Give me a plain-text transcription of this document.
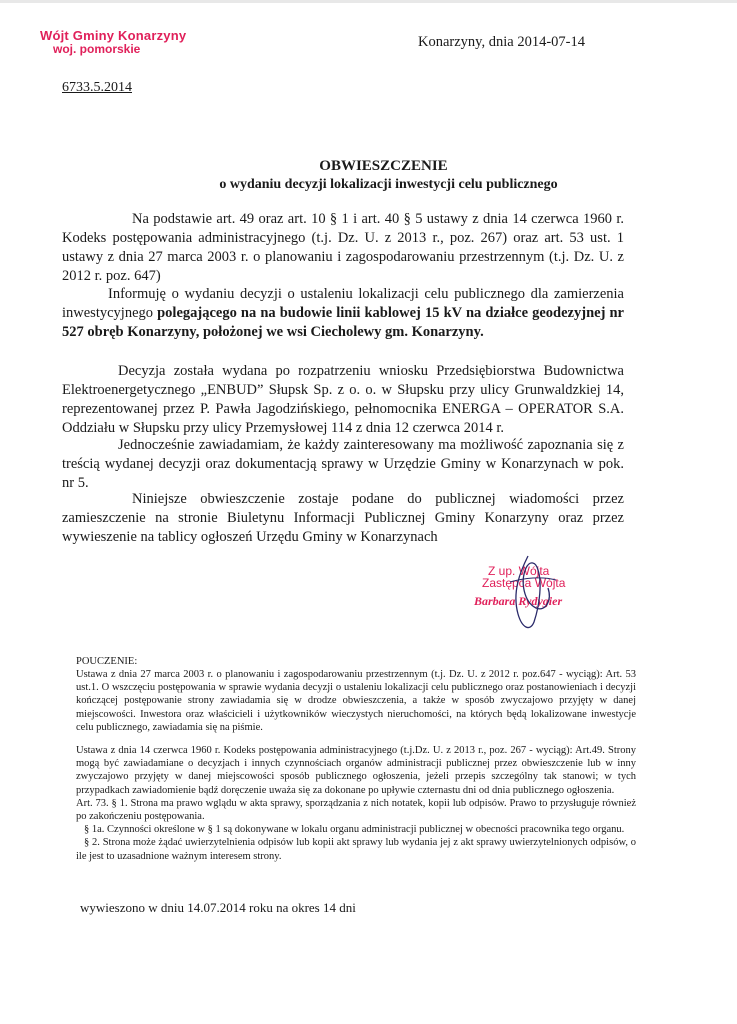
Wójt Gminy Konarzyny
woj. pomorskie	Konarzyny, dnia 2014-07-14
6733.5.2014
OBWIESZCZENIE
o wydaniu decyzji lokalizacji inwestycji celu publicznego
Na podstawie art. 49 oraz art. 10 § 1 i art. 40 § 5 ustawy z dnia 14 czerwca 1960 r. Kodeks postępowania administracyjnego (t.j. Dz. U. z 2013 r., poz. 267) oraz art. 53 ust. 1 ustawy z dnia 27 marca 2003 r. o planowaniu i zagospodarowaniu przestrzennym (t.j. Dz. U. z 2012 r. poz. 647)
Informuję o wydaniu decyzji o ustaleniu lokalizacji celu publicznego dla zamierzenia inwestycyjnego polegającego na na budowie linii kablowej 15 kV na działce geodezyjnej nr 527 obręb Konarzyny, położonej we wsi Ciecholewy gm. Konarzyny.
Decyzja została wydana po rozpatrzeniu wniosku Przedsiębiorstwa Budownictwa Elektroenergetycznego „ENBUD” Słupsk Sp. z o. o. w Słupsku przy ulicy Grunwaldzkiej 14, reprezentowanej przez P. Pawła Jagodzińskiego, pełnomocnika ENERGA – OPERATOR S.A. Oddziału w Słupsku przy ulicy Przemysłowej 114 z dnia 12 czerwca 2014 r.
Jednocześnie zawiadamiam, że każdy zainteresowany ma możliwość zapoznania się z treścią wydanej decyzji oraz dokumentacją sprawy w Urzędzie Gminy w Konarzynach w pok. nr 5.
Niniejsze obwieszczenie zostaje podane do publicznej wiadomości przez zamieszczenie na stronie Biuletynu Informacji Publicznej Gminy Konarzyny oraz przez wywieszenie na tablicy ogłoszeń Urzędu Gminy w Konarzynach
Z up. Wójta
Zastępca Wójta
Barbara Rydygier
POUCZENIE:

Ustawa z dnia 27 marca 2003 r. o planowaniu i zagospodarowaniu przestrzennym (t.j. Dz. U. z 2012 r. poz.647 - wyciąg): Art. 53 ust.1. O wszczęciu postępowania w sprawie wydania decyzji o ustaleniu lokalizacji celu publicznego oraz postanowieniach i decyzji kończącej postępowanie strony zawiadamia się w drodze obwieszczenia, a także w sposób zwyczajowo przyjęty w danej miejscowości. Inwestora oraz właścicieli i użytkowników wieczystych nieruchomości, na których będą lokalizowane inwestycje celu publicznego, zawiadamia się na piśmie.

Ustawa z dnia 14 czerwca 1960 r. Kodeks postępowania administracyjnego (t.j.Dz. U. z 2013 r., poz. 267 - wyciąg): Art.49. Strony mogą być zawiadamiane o decyzjach i innych czynnościach organów administracji publicznej przez obwieszczenie lub w inny zwyczajowo przyjęty w danej miejscowości sposób publicznego ogłoszenia, jeżeli przepis szczególny tak stanowi; w tych przypadkach zawiadomienie bądź doręczenie uważa się za dokonane po upływie czternastu dni od dnia publicznego ogłoszenia.

Art. 73. § 1. Strona ma prawo wglądu w akta sprawy, sporządzania z nich notatek, kopii lub odpisów. Prawo to przysługuje również po zakończeniu postępowania.

§ 1a. Czynności określone w § 1 są dokonywane w lokalu organu administracji publicznej w obecności pracownika tego organu.

§ 2. Strona może żądać uwierzytelnienia odpisów lub kopii akt sprawy lub wydania jej z akt sprawy uwierzytelnionych odpisów, o ile jest to uzasadnione ważnym interesem strony.

wywieszono w dniu 14.07.2014 roku na okres 14 dni
